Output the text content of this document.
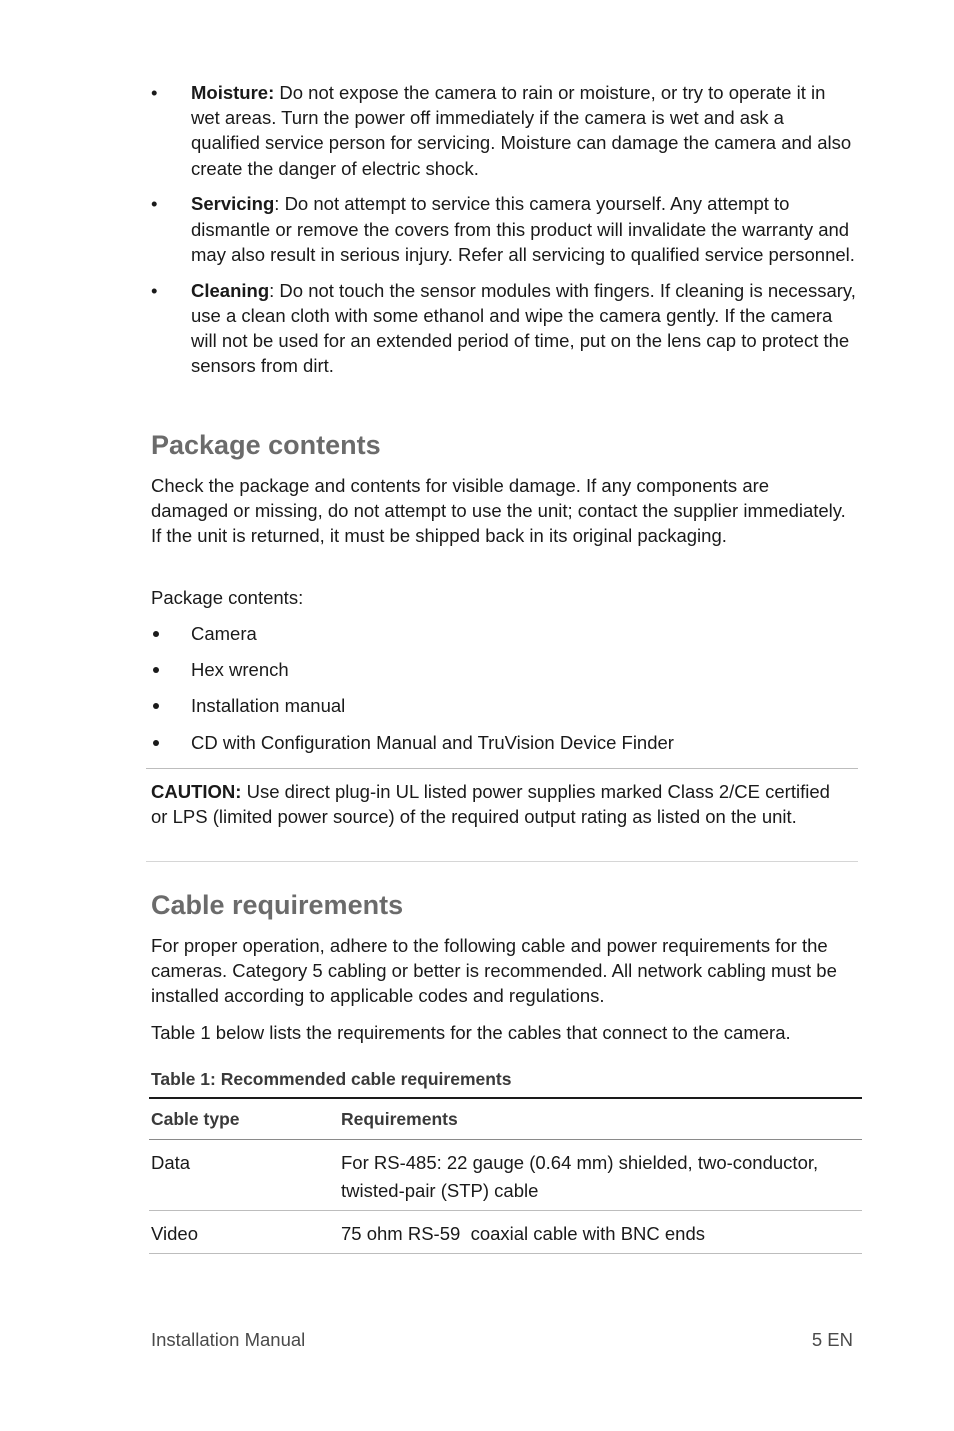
•	Moisture: Do not expose the camera to rain or moisture, or try to operate it in wet areas. Turn the power off immediately if the camera is wet and ask a qualified service person for servicing. Moisture can damage the camera and also create the danger of electric shock.
•	Servicing: Do not attempt to service this camera yourself. Any attempt to dismantle or remove the covers from this product will invalidate the warranty and may also result in serious injury. Refer all servicing to qualified service personnel.
•	Cleaning: Do not touch the sensor modules with fingers. If cleaning is necessary, use a clean cloth with some ethanol and wipe the camera gently. If the camera will not be used for an extended period of time, put on the lens cap to protect the sensors from dirt.
Package contents

Check the package and contents for visible damage. If any components are damaged or missing, do not attempt to use the unit; contact the supplier immediately. If the unit is returned, it must be shipped back in its original packaging.

Package contents:

Camera
Hex wrench
Installation manual
CD with Configuration Manual and TruVision Device Finder

CAUTION: Use direct plug-in UL listed power supplies marked Class 2/CE certified or LPS (limited power source) of the required output rating as listed on the unit.

Cable requirements

For proper operation, adhere to the following cable and power requirements for the cameras. Category 5 cabling or better is recommended. All network cabling must be installed according to applicable codes and regulations.

Table 1 below lists the requirements for the cables that connect to the camera.

Table 1: Recommended cable requirements

Cable type	Requirements
Data	For RS-485: 22 gauge (0.64 mm) shielded, two-conductor, twisted-pair (STP) cable
Video	75 ohm RS-59  coaxial cable with BNC ends

Installation Manual	5 EN
